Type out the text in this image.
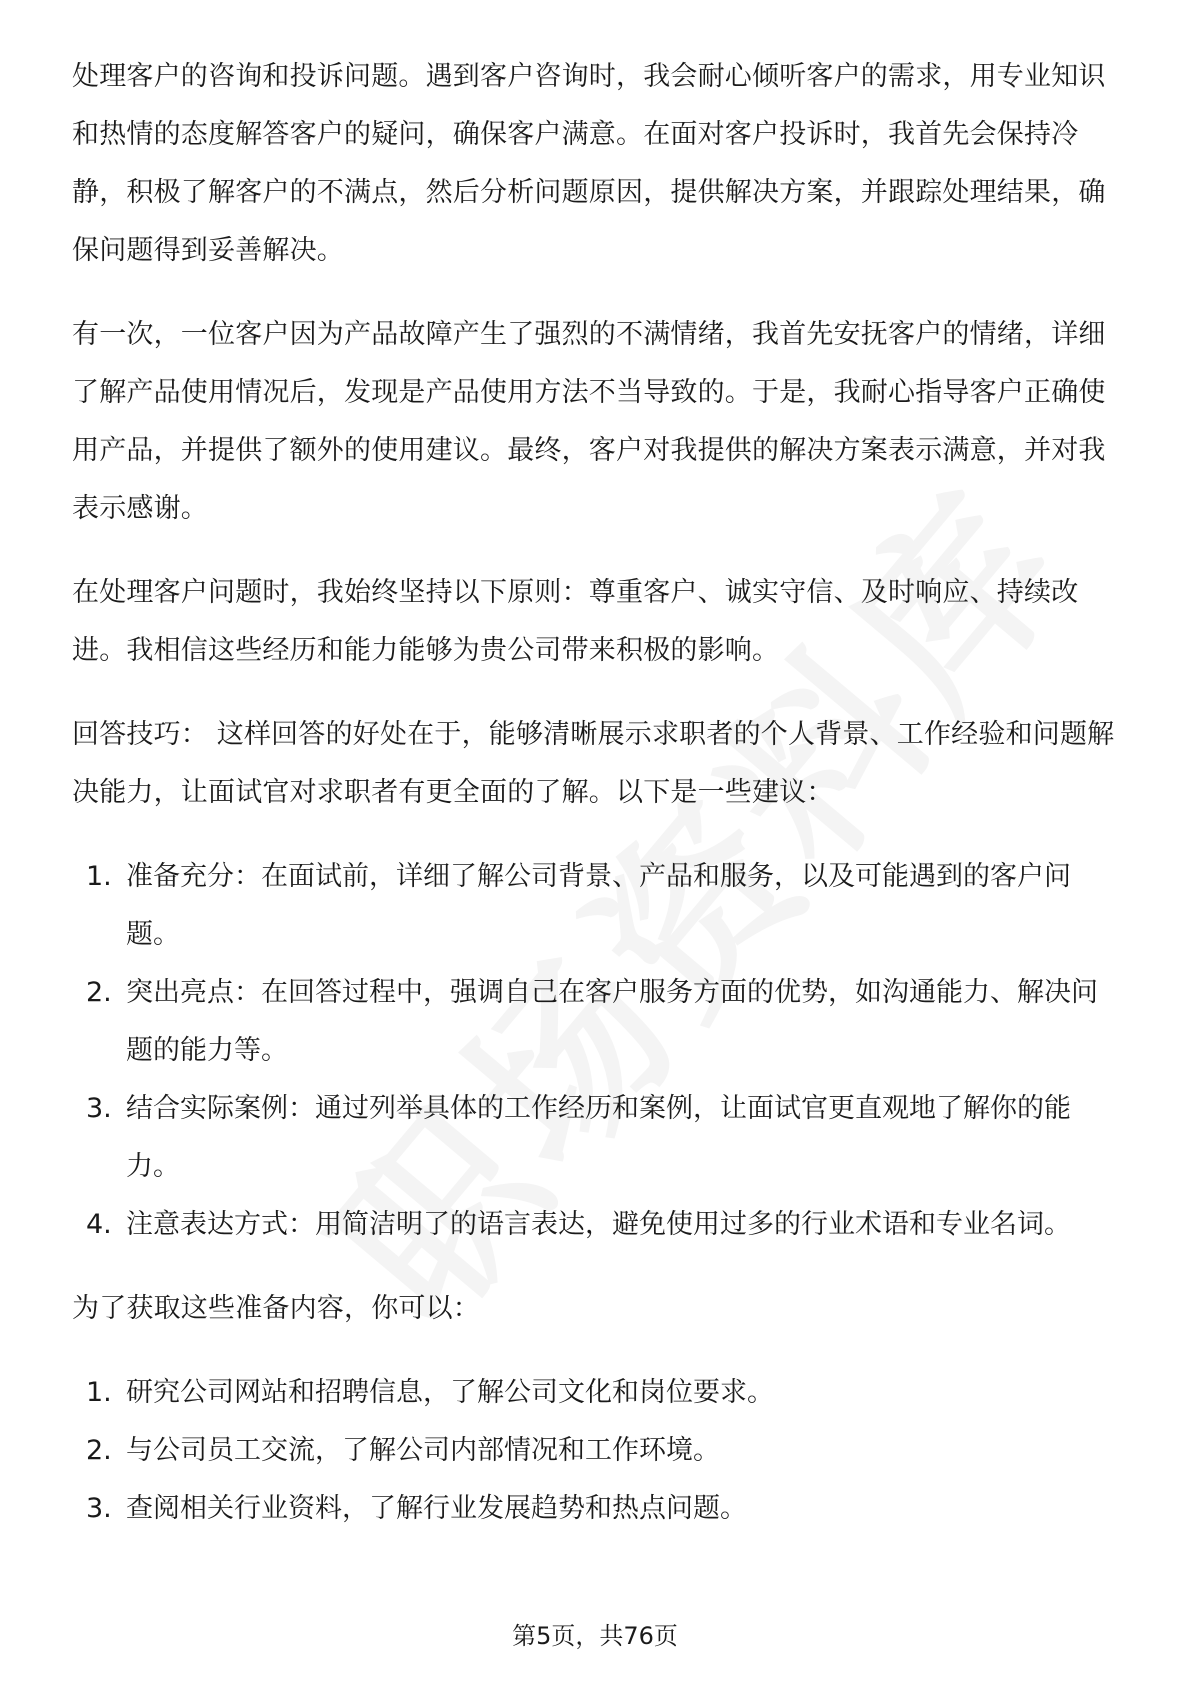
处理客户的咨询和投诉问题。遇到客户咨询时，我会耐心倾听客户的需求，用专业知识和热情的态度解答客户的疑问，确保客户满意。在面对客户投诉时，我首先会保持冷静，积极了解客户的不满点，然后分析问题原因，提供解决方案，并跟踪处理结果，确保问题得到妥善解决。

有一次，一位客户因为产品故障产生了强烈的不满情绪，我首先安抚客户的情绪，详细了解产品使用情况后，发现是产品使用方法不当导致的。于是，我耐心指导客户正确使用产品，并提供了额外的使用建议。最终，客户对我提供的解决方案表示满意，并对我表示感谢。

在处理客户问题时，我始终坚持以下原则：尊重客户、诚实守信、及时响应、持续改进。我相信这些经历和能力能够为贵公司带来积极的影响。

回答技巧： 这样回答的好处在于，能够清晰展示求职者的个人背景、工作经验和问题解决能力，让面试官对求职者有更全面的了解。以下是一些建议：

1. 准备充分：在面试前，详细了解公司背景、产品和服务，以及可能遇到的客户问题。
2. 突出亮点：在回答过程中，强调自己在客户服务方面的优势，如沟通能力、解决问题的能力等。
3. 结合实际案例：通过列举具体的工作经历和案例，让面试官更直观地了解你的能力。
4. 注意表达方式：用简洁明了的语言表达，避免使用过多的行业术语和专业名词。

为了获取这些准备内容，你可以：

1. 研究公司网站和招聘信息，了解公司文化和岗位要求。
2. 与公司员工交流，了解公司内部情况和工作环境。
3. 查阅相关行业资料，了解行业发展趋势和热点问题。
第5页，共76页
